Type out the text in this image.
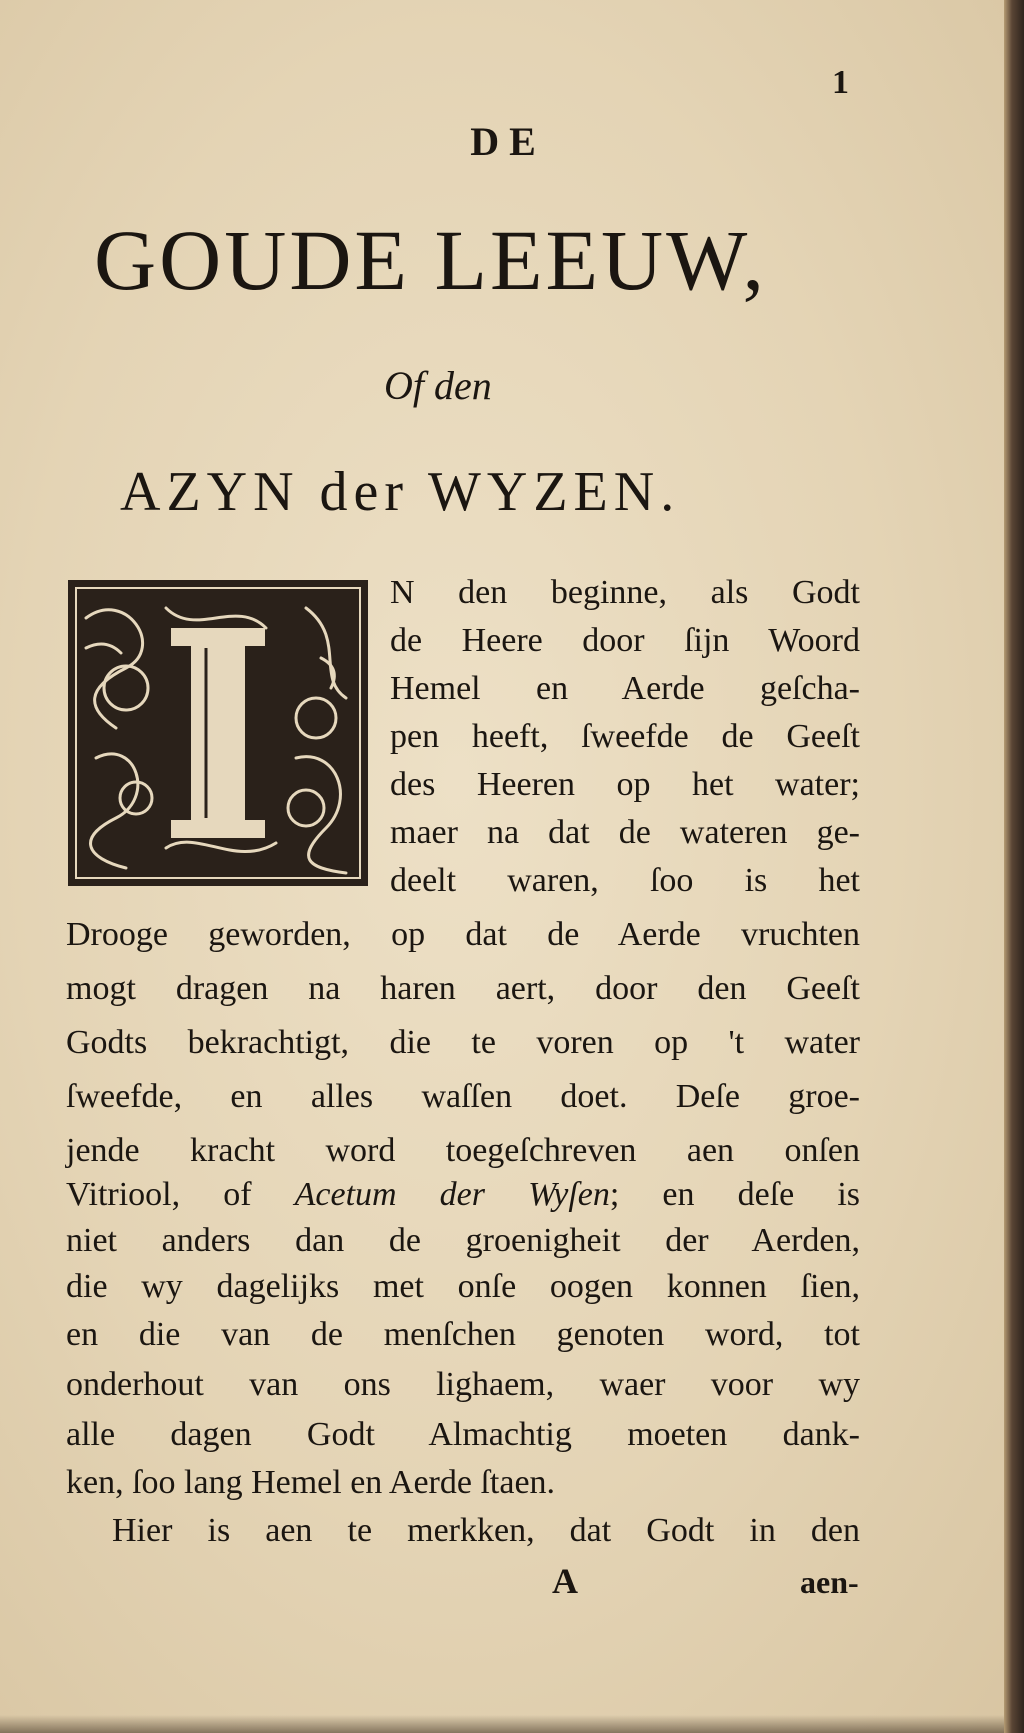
1
DE
GOUDE LEEUW,
Of den
AZYN der WYZEN.
N den beginne, als Godt
de Heere door ſijn Woord
Hemel en Aerde geſcha-
pen heeft, ſweefde de Geeſt
des Heeren op het water;
maer na dat de wateren ge-
deelt waren, ſoo is het
Drooge geworden, op dat de Aerde vruchten
mogt dragen na haren aert, door den Geeſt
Godts bekrachtigt, die te voren op 't water
ſweefde, en alles waſſen doet. Deſe groe-
jende kracht word toegeſchreven aen onſen
Vitriool, of Acetum der Wyſen; en deſe is
niet anders dan de groenigheit der Aerden,
die wy dagelijks met onſe oogen konnen ſien,
en die van de menſchen genoten word, tot
onderhout van ons lighaem, waer voor wy
alle dagen Godt Almachtig moeten dank-
ken, ſoo lang Hemel en Aerde ſtaen.
Hier is aen te merkken, dat Godt in den
A	aen-
